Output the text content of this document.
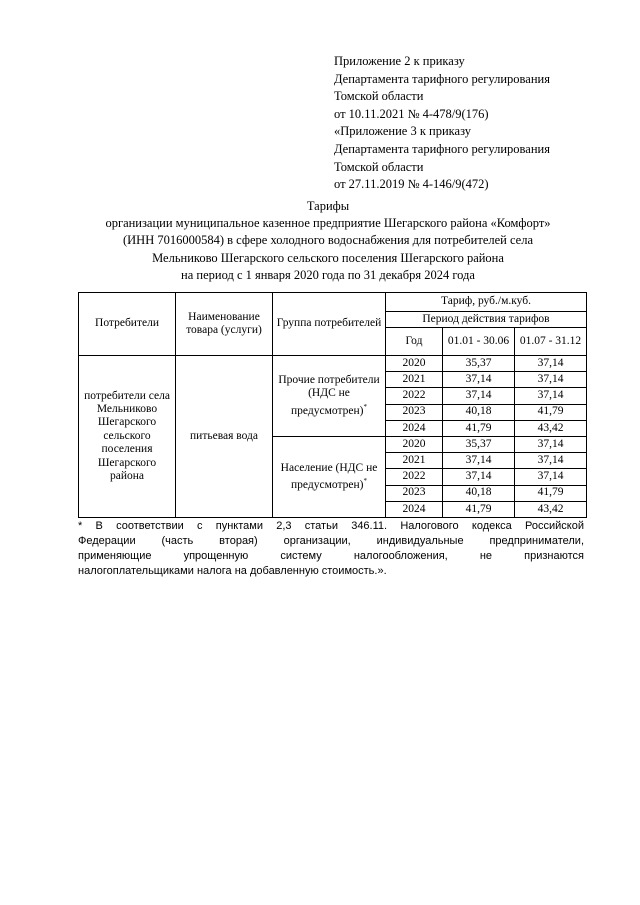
Приложение 2 к приказу
Департамента тарифного регулирования
Томской области
от 10.11.2021 № 4-478/9(176)
«Приложение 3 к приказу
Департамента тарифного регулирования
Томской области
от 27.11.2019 № 4-146/9(472)
Тарифы
организации муниципальное казенное предприятие Шегарского района «Комфорт»
(ИНН 7016000584) в сфере холодного водоснабжения для потребителей села
Мельниково Шегарского сельского поселения Шегарского района
на период с 1 января 2020 года по 31 декабря 2024 года
Потребители	Наименование товара (услуги)	Группа потребителей	Тариф, руб./м.куб.		
			Период действия тарифов		
			Год	01.01 - 30.06	01.07 - 31.12
потребители села Мельниково Шегарского сельского поселения Шегарского района	питьевая вода	Прочие потребители (НДС не предусмотрен)*	2020	35,37	37,14
			2021	37,14	37,14
			2022	37,14	37,14
			2023	40,18	41,79
			2024	41,79	43,42
		Население (НДС не предусмотрен)*	2020	35,37	37,14
			2021	37,14	37,14
			2022	37,14	37,14
			2023	40,18	41,79
			2024	41,79	43,42
* В соответствии с пунктами 2,3 статьи 346.11. Налогового кодекса Российской
Федерации (часть вторая) организации, индивидуальные предприниматели,
применяющие упрощенную систему налогообложения, не признаются
налогоплательщиками налога на добавленную стоимость.».
